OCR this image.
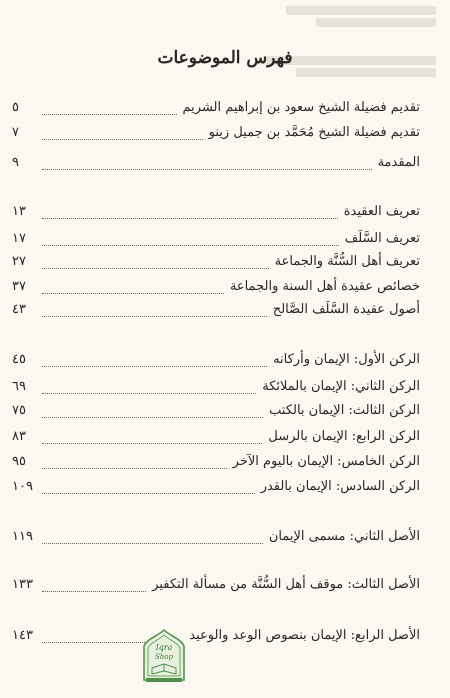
فهرس الموضوعات
تقديم فضيلة الشيخ سعود بن إبراهيم الشريم
٥
تقديم فضيلة الشيخ مُحَمَّد بن جميل زينو
٧
المقدمة
٩
تعريف العقيدة
١٣
تعريف السَّلَف
١٧
تعريف أهل السُّنَّة والجماعة
٢٧
خصائص عقيدة أهل السنة والجماعة
٣٧
أصول عقيدة السَّلَف الصَّالح
٤٣
الركن الأول: الإيمان وأركانه
٤٥
الركن الثاني: الإيمان بالملائكة
٦٩
الركن الثالث: الإيمان بالكتب
٧٥
الركن الرابع: الإيمان بالرسل
٨٣
الركن الخامس: الإيمان باليوم الآخر
٩٥
الركن السادس: الإيمان بالقدر
١٠٩
الأصل الثاني: مسمى الإيمان
١١٩
الأصل الثالث: موقف أهل السُّنَّة من مسألة التكفير
١٣٣
الأصل الرابع: الإيمان بنصوص الوعد والوعيد
١٤٣
Iqra
Shop
